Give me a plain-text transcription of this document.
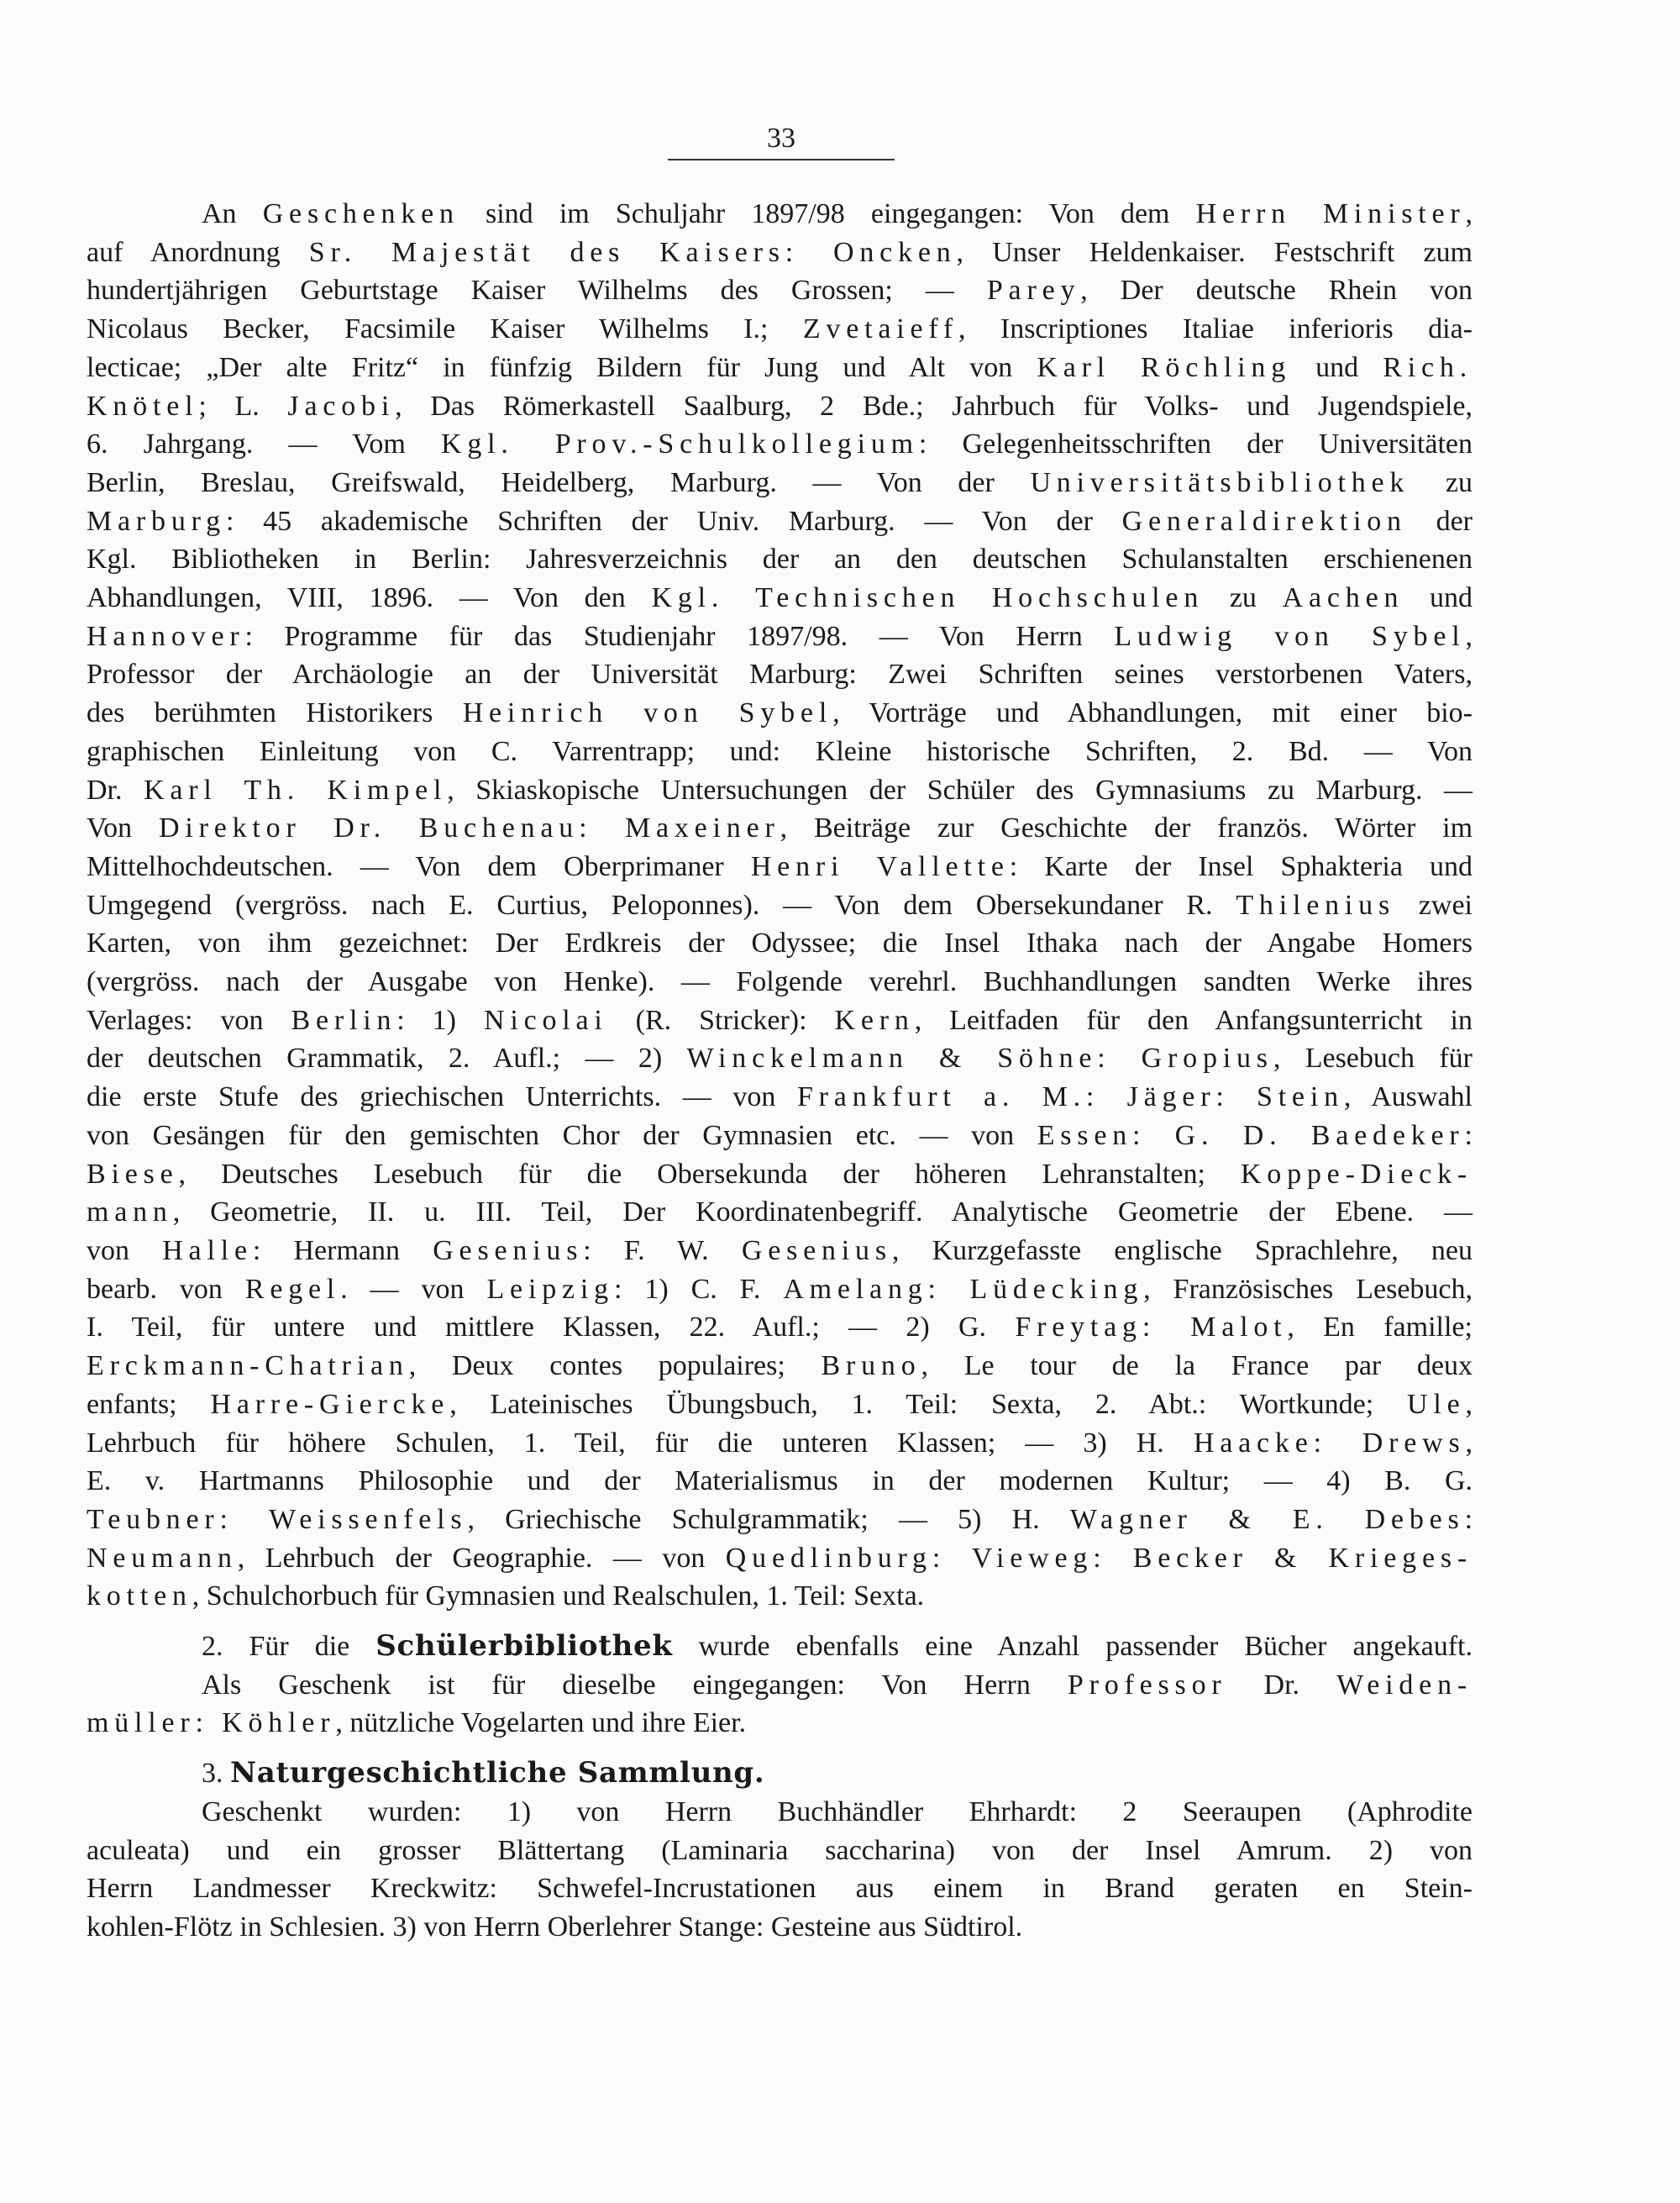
33
An Geschenken sind im Schuljahr 1897/98 eingegangen: Von dem Herrn Minister,
auf Anordnung Sr. Majestät des Kaisers: Oncken, Unser Heldenkaiser. Festschrift zum
hundertjährigen Geburtstage Kaiser Wilhelms des Grossen; — Parey, Der deutsche Rhein von
Nicolaus Becker, Facsimile Kaiser Wilhelms I.; Zvetaieff, Inscriptiones Italiae inferioris dia-
lecticae; „Der alte Fritz“ in fünfzig Bildern für Jung und Alt von Karl Röchling und Rich.
Knötel; L. Jacobi, Das Römerkastell Saalburg, 2 Bde.; Jahrbuch für Volks- und Jugendspiele,
6. Jahrgang. — Vom Kgl. Prov.-Schulkollegium: Gelegenheitsschriften der Universitäten
Berlin, Breslau, Greifswald, Heidelberg, Marburg. — Von der Universitätsbibliothek zu
Marburg: 45 akademische Schriften der Univ. Marburg. — Von der Generaldirektion der
Kgl. Bibliotheken in Berlin: Jahresverzeichnis der an den deutschen Schulanstalten erschienenen
Abhandlungen, VIII, 1896. — Von den Kgl. Technischen Hochschulen zu Aachen und
Hannover: Programme für das Studienjahr 1897/98. — Von Herrn Ludwig von Sybel,
Professor der Archäologie an der Universität Marburg: Zwei Schriften seines verstorbenen Vaters,
des berühmten Historikers Heinrich von Sybel, Vorträge und Abhandlungen, mit einer bio-
graphischen Einleitung von C. Varrentrapp; und: Kleine historische Schriften, 2. Bd. — Von
Dr. Karl Th. Kimpel, Skiaskopische Untersuchungen der Schüler des Gymnasiums zu Marburg. —
Von Direktor Dr. Buchenau: Maxeiner, Beiträge zur Geschichte der französ. Wörter im
Mittelhochdeutschen. — Von dem Oberprimaner Henri Vallette: Karte der Insel Sphakteria und
Umgegend (vergröss. nach E. Curtius, Peloponnes). — Von dem Obersekundaner R. Thilenius zwei
Karten, von ihm gezeichnet: Der Erdkreis der Odyssee; die Insel Ithaka nach der Angabe Homers
(vergröss. nach der Ausgabe von Henke). — Folgende verehrl. Buchhandlungen sandten Werke ihres
Verlages: von Berlin: 1) Nicolai (R. Stricker): Kern, Leitfaden für den Anfangsunterricht in
der deutschen Grammatik, 2. Aufl.; — 2) Winckelmann & Söhne: Gropius, Lesebuch für
die erste Stufe des griechischen Unterrichts. — von Frankfurt a. M.: Jäger: Stein, Auswahl
von Gesängen für den gemischten Chor der Gymnasien etc. — von Essen: G. D. Baedeker:
Biese, Deutsches Lesebuch für die Obersekunda der höheren Lehranstalten; Koppe-Dieck-
mann, Geometrie, II. u. III. Teil, Der Koordinatenbegriff. Analytische Geometrie der Ebene. —
von Halle: Hermann Gesenius: F. W. Gesenius, Kurzgefasste englische Sprachlehre, neu
bearb. von Regel. — von Leipzig: 1) C. F. Amelang: Lüdecking, Französisches Lesebuch,
I. Teil, für untere und mittlere Klassen, 22. Aufl.; — 2) G. Freytag: Malot, En famille;
Erckmann-Chatrian, Deux contes populaires; Bruno, Le tour de la France par deux
enfants; Harre-Giercke, Lateinisches Übungsbuch, 1. Teil: Sexta, 2. Abt.: Wortkunde; Ule,
Lehrbuch für höhere Schulen, 1. Teil, für die unteren Klassen; — 3) H. Haacke: Drews,
E. v. Hartmanns Philosophie und der Materialismus in der modernen Kultur; — 4) B. G.
Teubner: Weissenfels, Griechische Schulgrammatik; — 5) H. Wagner & E. Debes:
Neumann, Lehrbuch der Geographie. — von Quedlinburg: Vieweg: Becker & Krieges-
kotten, Schulchorbuch für Gymnasien und Realschulen, 1. Teil: Sexta.
2. Für die Schülerbibliothek wurde ebenfalls eine Anzahl passender Bücher angekauft.
Als Geschenk ist für dieselbe eingegangen: Von Herrn Professor Dr. Weiden-
müller: Köhler, nützliche Vogelarten und ihre Eier.
3. Naturgeschichtliche Sammlung.
Geschenkt wurden: 1) von Herrn Buchhändler Ehrhardt: 2 Seeraupen (Aphrodite
aculeata) und ein grosser Blättertang (Laminaria saccharina) von der Insel Amrum. 2) von
Herrn Landmesser Kreckwitz: Schwefel-Incrustationen aus einem in Brand geraten en Stein-
kohlen-Flötz in Schlesien. 3) von Herrn Oberlehrer Stange: Gesteine aus Südtirol.
